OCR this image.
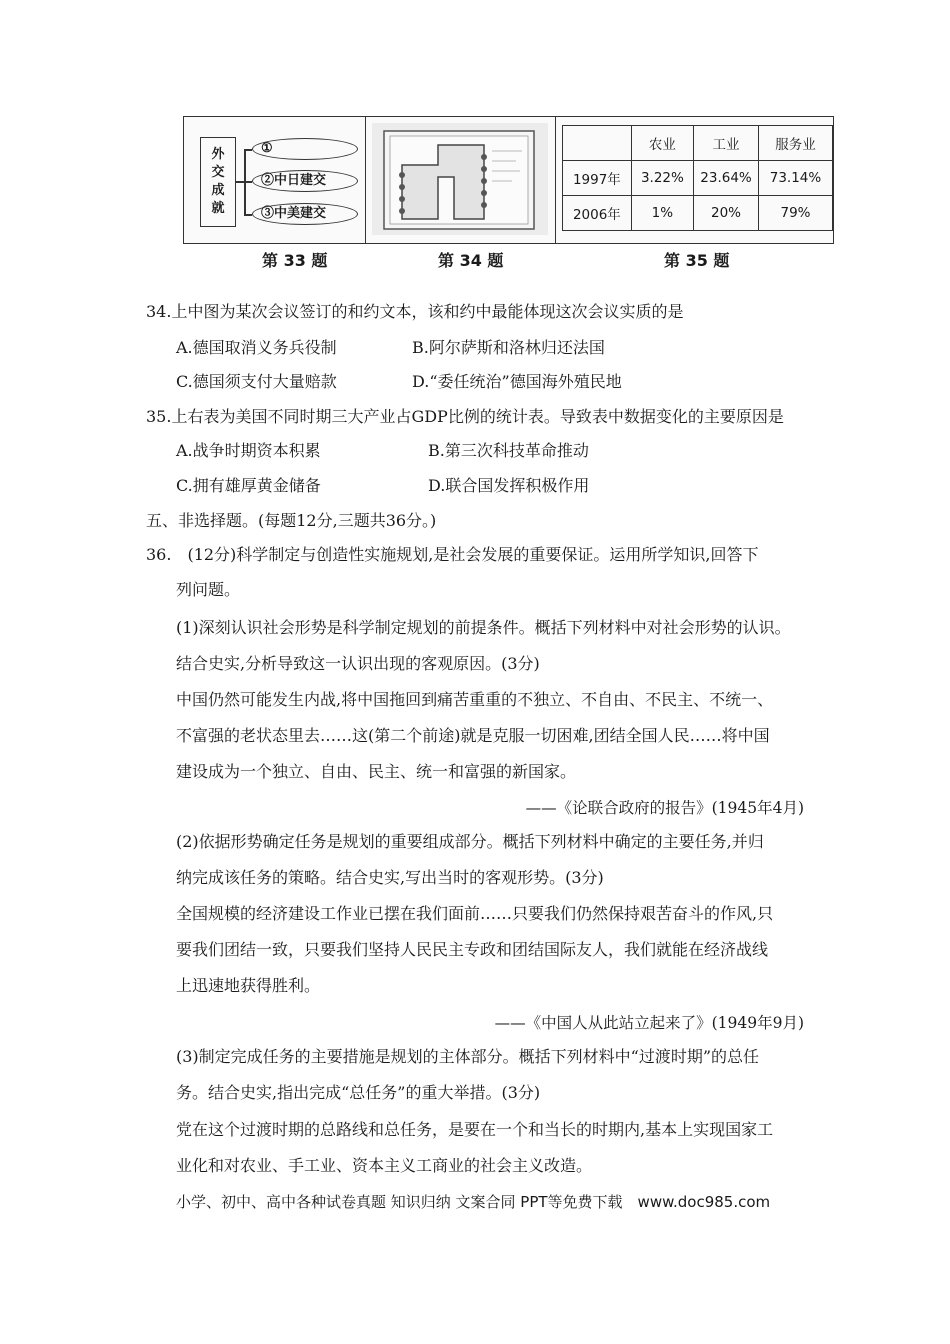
外
交
成
就
①
②中日建交
③中美建交
	农业	工业	服务业
1997年	3.22%	23.64%	73.14%
2006年	1%	20%	79%
第 33 题	第 34 题	第 35 题
34.上中图为某次会议签订的和约文本，该和约中最能体现这次会议实质的是
A.德国取消义务兵役制	B.阿尔萨斯和洛林归还法国
C.德国须支付大量赔款	D.“委任统治”德国海外殖民地
35.上右表为美国不同时期三大产业占GDP比例的统计表。导致表中数据变化的主要原因是
A.战争时期资本积累	B.第三次科技革命推动
C.拥有雄厚黄金储备	D.联合国发挥积极作用
五、非选择题。(每题12分,三题共36分。)
36.　(12分)科学制定与创造性实施规划,是社会发展的重要保证。运用所学知识,回答下
列问题。
(1)深刻认识社会形势是科学制定规划的前提条件。概括下列材料中对社会形势的认识。
结合史实,分析导致这一认识出现的客观原因。(3分)
中国仍然可能发生内战,将中国拖回到痛苦重重的不独立、不自由、不民主、不统一、
不富强的老状态里去……这(第二个前途)就是克服一切困难,团结全国人民……将中国
建设成为一个独立、自由、民主、统一和富强的新国家。
——《论联合政府的报告》(1945年4月)
(2)依据形势确定任务是规划的重要组成部分。概括下列材料中确定的主要任务,并归
纳完成该任务的策略。结合史实,写出当时的客观形势。(3分)
全国规模的经济建设工作业已摆在我们面前……只要我们仍然保持艰苦奋斗的作风,只
要我们团结一致，只要我们坚持人民民主专政和团结国际友人，我们就能在经济战线
上迅速地获得胜利。
——《中国人从此站立起来了》(1949年9月)
(3)制定完成任务的主要措施是规划的主体部分。概括下列材料中“过渡时期”的总任
务。结合史实,指出完成“总任务”的重大举措。(3分)
党在这个过渡时期的总路线和总任务，是要在一个和当长的时期内,基本上实现国家工
业化和对农业、手工业、资本主义工商业的社会主义改造。
小学、初中、高中各种试卷真题 知识归纳 文案合同 PPT等免费下载　www.doc985.com
